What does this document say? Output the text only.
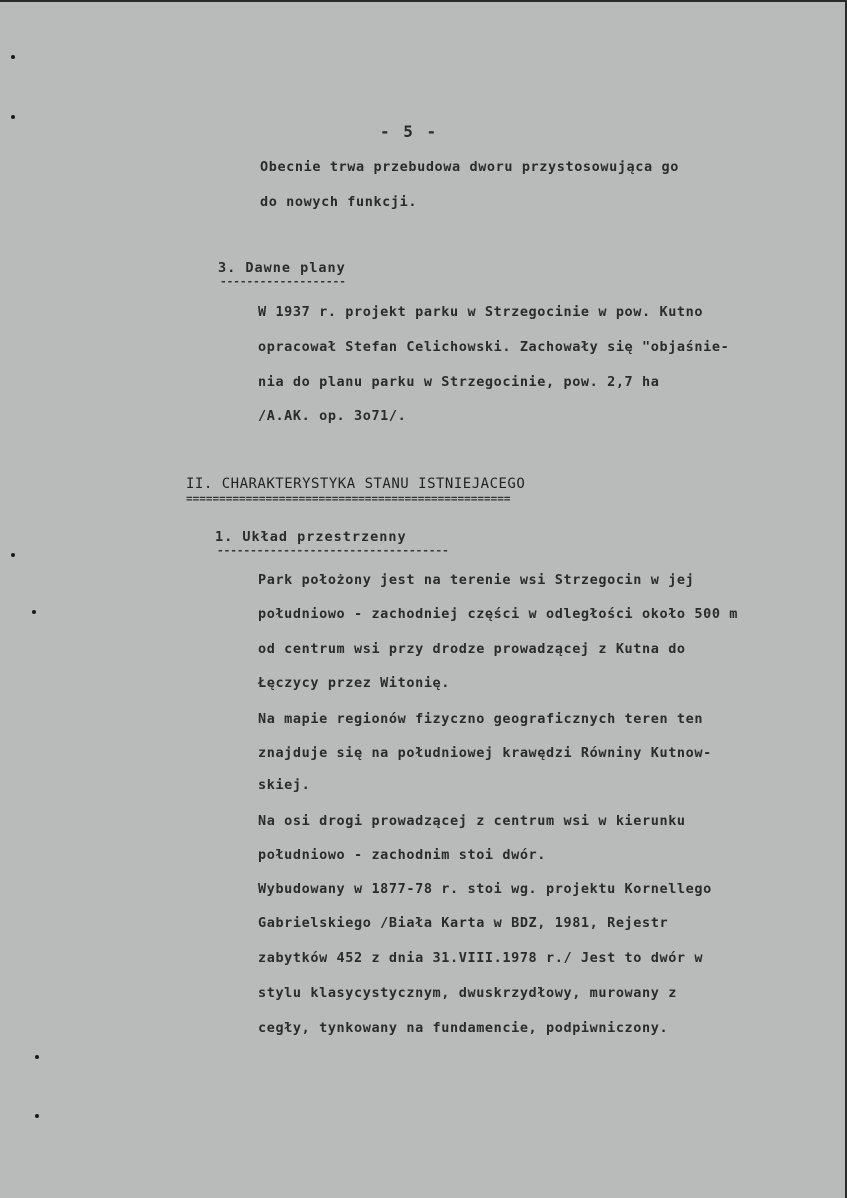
- 5 -
Obecnie trwa przebudowa dworu przystosowująca go
do nowych funkcji.
3. Dawne plany
-------------------
W 1937 r. projekt parku w Strzegocinie w pow. Kutno
opracował Stefan Celichowski. Zachowały się "objaśnie-
nia do planu parku w Strzegocinie, pow. 2,7 ha
/A.AK. op. 3o71/.
II. CHARAKTERYSTYKA STANU ISTNIEJACEGO
=================================================
1. Układ przestrzenny
-----------------------------------
Park położony jest na terenie wsi Strzegocin w jej
południowo - zachodniej części w odległości około 500 m
od centrum wsi przy drodze prowadzącej z Kutna do
Łęczycy przez Witonię.
Na mapie regionów fizyczno geograficznych teren ten
znajduje się na południowej krawędzi Równiny Kutnow-
skiej.
Na osi drogi prowadzącej z centrum wsi w kierunku
południowo - zachodnim stoi dwór.
Wybudowany w 1877-78 r. stoi wg. projektu Kornellego
Gabrielskiego /Biała Karta w BDZ, 1981, Rejestr
zabytków 452 z dnia 31.VIII.1978 r./ Jest to dwór w
stylu klasycystycznym, dwuskrzydłowy, murowany z
cegły, tynkowany na fundamencie, podpiwniczony.
